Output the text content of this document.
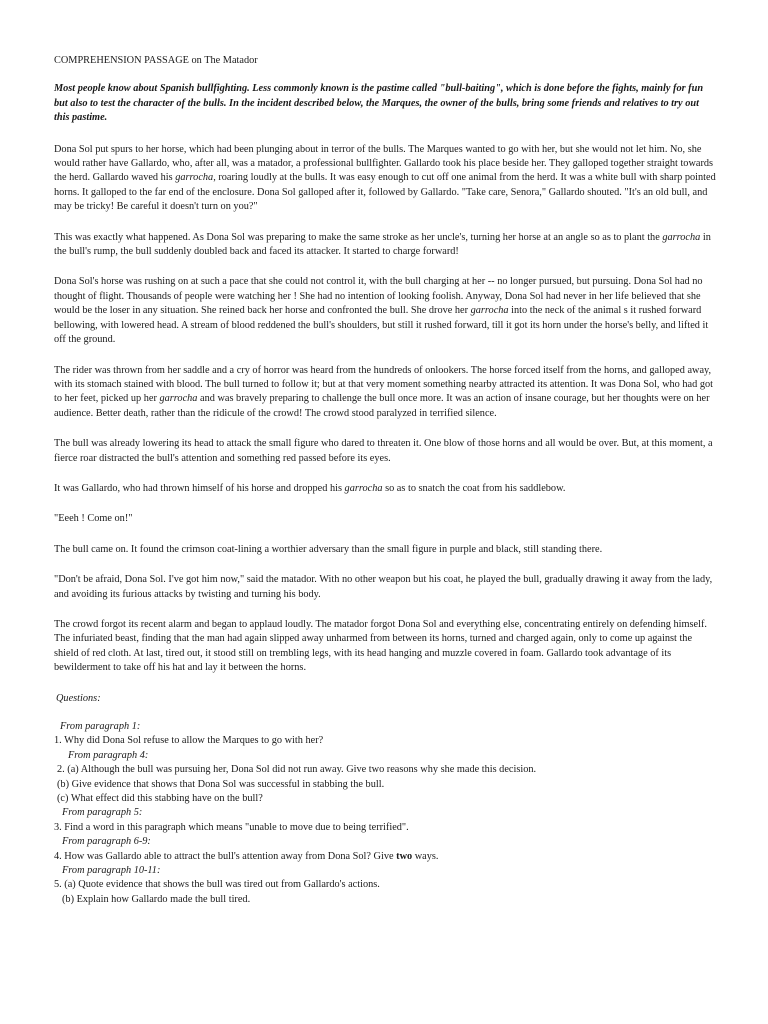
COMPREHENSION PASSAGE on The Matador

Most people know about Spanish bullfighting. Less commonly known is the pastime called "bull-baiting", which is done before the fights, mainly for fun but also to test the character of the bulls. In the incident described below, the Marques, the owner of the bulls, bring some friends and relatives to try out this pastime.

Dona Sol put spurs to her horse, which had been plunging about in terror of the bulls. The Marques wanted to go with her, but she would not let him. No, she would rather have Gallardo, who, after all, was a matador, a professional bullfighter. Gallardo took his place beside her. They galloped together straight towards the herd. Gallardo waved his garrocha, roaring loudly at the bulls. It was easy enough to cut off one animal from the herd. It was a white bull with sharp pointed horns. It galloped to the far end of the enclosure. Dona Sol galloped after it, followed by Gallardo. "Take care, Senora," Gallardo shouted. "It's an old bull, and may be tricky! Be careful it doesn't turn on you?"

This was exactly what happened. As Dona Sol was preparing to make the same stroke as her uncle's, turning her horse at an angle so as to plant the garrocha in the bull's rump, the bull suddenly doubled back and faced its attacker. It started to charge forward!

Dona Sol's horse was rushing on at such a pace that she could not control it, with the bull charging at her -- no longer pursued, but pursuing. Dona Sol had no thought of flight. Thousands of people were watching her ! She had no intention of looking foolish. Anyway, Dona Sol had never in her life believed that she would be the loser in any situation. She reined back her horse and confronted the bull. She drove her garrocha into the neck of the animal s it rushed forward bellowing, with lowered head. A stream of blood reddened the bull's shoulders, but still it rushed forward, till it got its horn under the horse's belly, and lifted it off the ground.

The rider was thrown from her saddle and a cry of horror was heard from the hundreds of onlookers. The horse forced itself from the horns, and galloped away, with its stomach stained with blood. The bull turned to follow it; but at that very moment something nearby attracted its attention. It was Dona Sol, who had got to her feet, picked up her garrocha and was bravely preparing to challenge the bull once more. It was an action of insane courage, but her thoughts were on her audience. Better death, rather than the ridicule of the crowd! The crowd stood paralyzed in terrified silence.

The bull was already lowering its head to attack the small figure who dared to threaten it. One blow of those horns and all would be over. But, at this moment, a fierce roar distracted the bull's attention and something red passed before its eyes.

It was Gallardo, who had thrown himself of his horse and dropped his garrocha so as to snatch the coat from his saddlebow.

"Eeeh ! Come on!"

The bull came on. It found the crimson coat-lining a worthier adversary than the small figure in purple and black, still standing there.

"Don't be afraid, Dona Sol. I've got him now," said the matador. With no other weapon but his coat, he played the bull, gradually drawing it away from the lady, and avoiding its furious attacks by twisting and turning his body.

The crowd forgot its recent alarm and began to applaud loudly. The matador forgot Dona Sol and everything else, concentrating entirely on defending himself. The infuriated beast, finding that the man had again slipped away unharmed from between its horns, turned and charged again, only to come up against the shield of red cloth. At last, tired out, it stood still on trembling legs, with its head hanging and muzzle covered in foam. Gallardo took advantage of its bewilderment to take off his hat and lay it between the horns.

Questions:

From paragraph 1:

1. Why did Dona Sol refuse to allow the Marques to go with her?

From paragraph 4:

2. (a) Although the bull was pursuing her, Dona Sol did not run away. Give two reasons why she made this decision.

(b) Give evidence that shows that Dona Sol was successful in stabbing the bull.

(c) What effect did this stabbing have on the bull?

From paragraph 5:

3. Find a word in this paragraph which means "unable to move due to being terrified".

From paragraph 6-9:

4. How was Gallardo able to attract the bull's attention away from Dona Sol? Give two ways.

From paragraph 10-11:

5. (a) Quote evidence that shows the bull was tired out from Gallardo's actions.

(b) Explain how Gallardo made the bull tired.
